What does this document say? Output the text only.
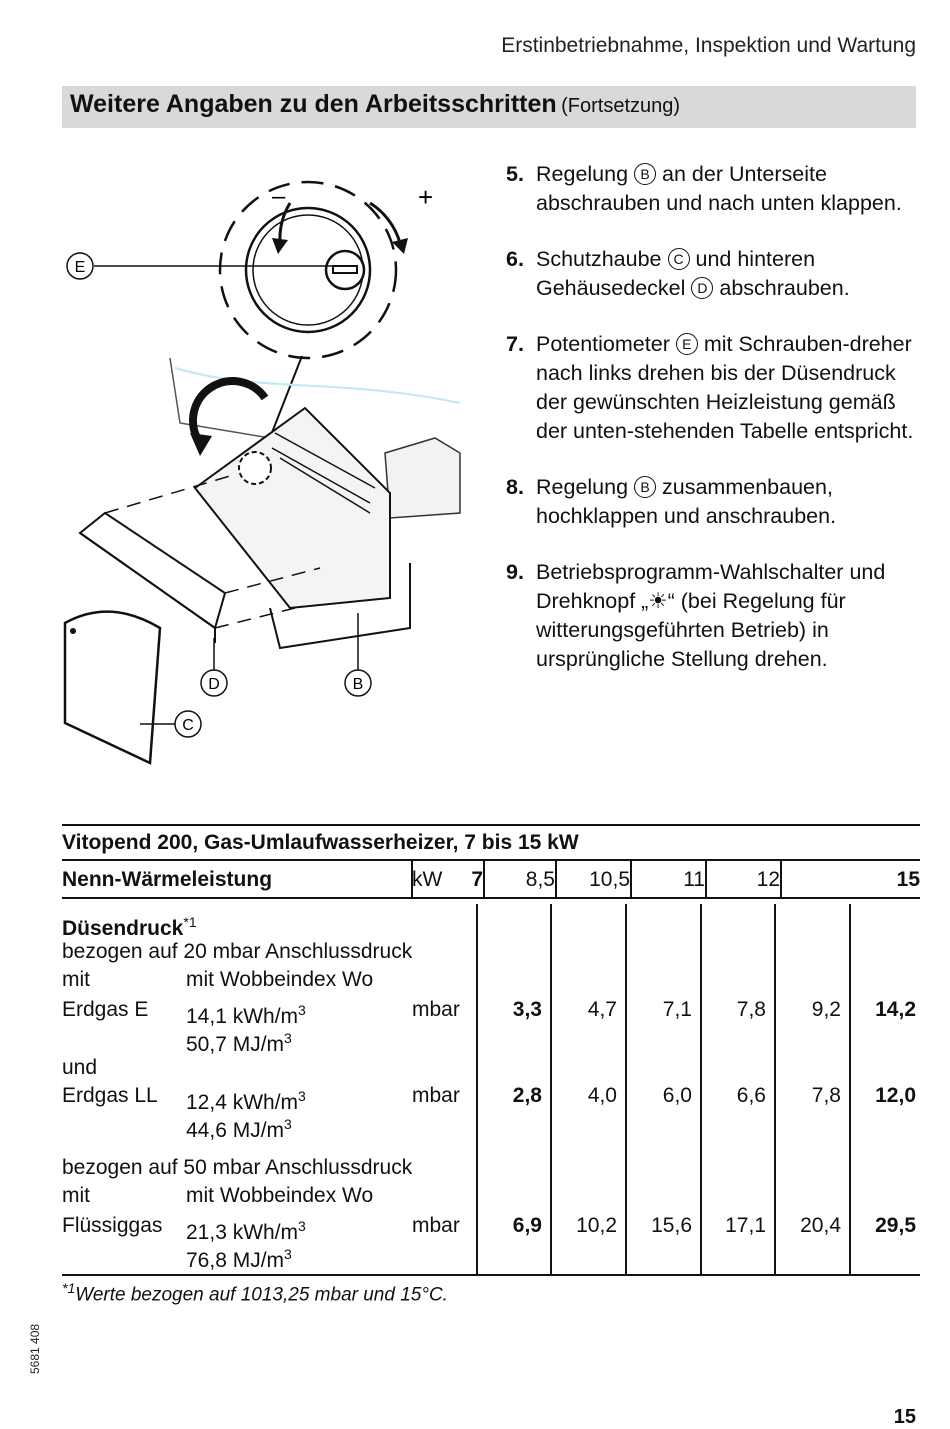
Erstinbetriebnahme, Inspektion und Wartung
Weitere Angaben zu den Arbeitsschritten (Fortsetzung)
–	+
E
D	B
C
5. Regelung B an der Unterseite abschrauben und nach unten klappen.
6. Schutzhaube C und hinteren Gehäusedeckel D abschrauben.
7. Potentiometer E mit Schrauben-dreher nach links drehen bis der Düsendruck der gewünschten Heizleistung gemäß der unten-stehenden Tabelle entspricht.
8. Regelung B zusammenbauen, hochklappen und anschrauben.
9. Betriebsprogramm-Wahlschalter und Drehknopf „☀“ (bei Regelung für witterungsgeführten Betrieb) in ursprüngliche Stellung drehen.
Vitopend 200, Gas-Umlaufwasserheizer, 7 bis 15 kW
Nenn-Wärmeleistung	kW	7	8,5	10,5	11	12	15
Düsendruck$^{*1}$
bezogen auf 20 mbar Anschlussdruck
mit	mit Wobbeindex Wo
Erdgas E 14,1 kWh/$m^3$
50,7 $MJ/m^3$
mbar	3,3 4,7 7,1 7,8 9,2 14,2
und
Erdgas LL 12,4 kWh/$m^3$
44,6 $MJ/m^3$
mbar	2,8 4,0 6,0 6,6 7,8 12,0
bezogen auf 50 mbar Anschlussdruck
mit	mit Wobbeindex Wo
Flüssiggas 21,3 kWh/$m^3$
76,8 $MJ/m^3$
mbar	6,9 10,2 15,6 17,1 20,4 29,5
$^{*1}$Werte bezogen auf 1013,25 mbar und 15°C.
5681 408
15
